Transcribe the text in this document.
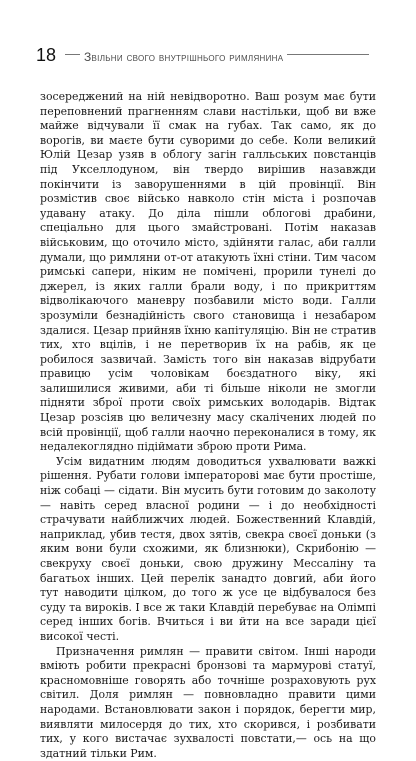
18	Звільни свого внутрішнього римлянина

зосереджений на ній невідворотно. Ваш розум має бути переповнений прагненням слави настільки, щоб ви вже майже відчували її смак на губах. Так само, як до ворогів, ви маєте бути суворими до себе. Коли великий Юлій Цезар узяв в облогу загін галльських повстанців під Укселлодуном, він твердо вирішив назавжди покінчити із заворушеннями в цій провінції. Він розмістив своє військо навколо стін міста і розпочав удавану атаку. До діла пішли облогові драбини, спеціально для цього змайстровані. Потім наказав військовим, що оточило місто, здійняти галас, аби галли думали, що римляни от-от атакують їхні стіни. Тим часом римські сапери, ніким не помічені, прорили тунелі до джерел, із яких галли брали воду, і по прикриттям відволікаючого маневру позбавили місто води. Галли зрозуміли безнадійність свого становища і незабаром здалися. Цезар прийняв їхню капітуляцію. Він не стратив тих, хто вцілів, і не перетворив їх на рабів, як це робилося зазвичай. Замість того він наказав відрубати правицю усім чоловікам боєздатного віку, які залишилися живими, аби ті більше ніколи не змогли підняти зброї проти своїх римських володарів. Відтак Цезар розсіяв цю величезну масу скалічених людей по всій провінції, щоб галли наочно переконалися в тому, як недалекоглядно підіймати зброю проти Рима.

Усім видатним людям доводиться ухвалювати важкі рішення. Рубати голови імператорові має бути простіше, ніж собаці — сідати. Він мусить бути готовим до заколоту — навіть серед власної родини — і до необхідності страчувати найближчих людей. Божественний Клавдій, наприклад, убив тестя, двох зятів, свекра своєї доньки (з яким вони були схожими, як близнюки), Скрибонію — свекруху своєї доньки, свою дружину Мессаліну та багатьох інших. Цей перелік занадто довгий, аби його тут наводити цілком, до того ж усе це відбувалося без суду та вироків. І все ж таки Клавдій перебуває на Олімпі серед інших богів. Вчиться і ви йти на все заради цієї високої честі.

Призначення римлян — правити світом. Інші народи вміють робити прекрасні бронзові та мармурові статуї, красномовніше говорять або точніше розраховують рух світил. Доля римлян — повновладно правити цими народами. Встановлювати закон і порядок, берегти мир, виявляти милосердя до тих, хто скорився, і розбивати тих, у кого вистачає зухвалості повстати,— ось на що здатний тільки Рим.
